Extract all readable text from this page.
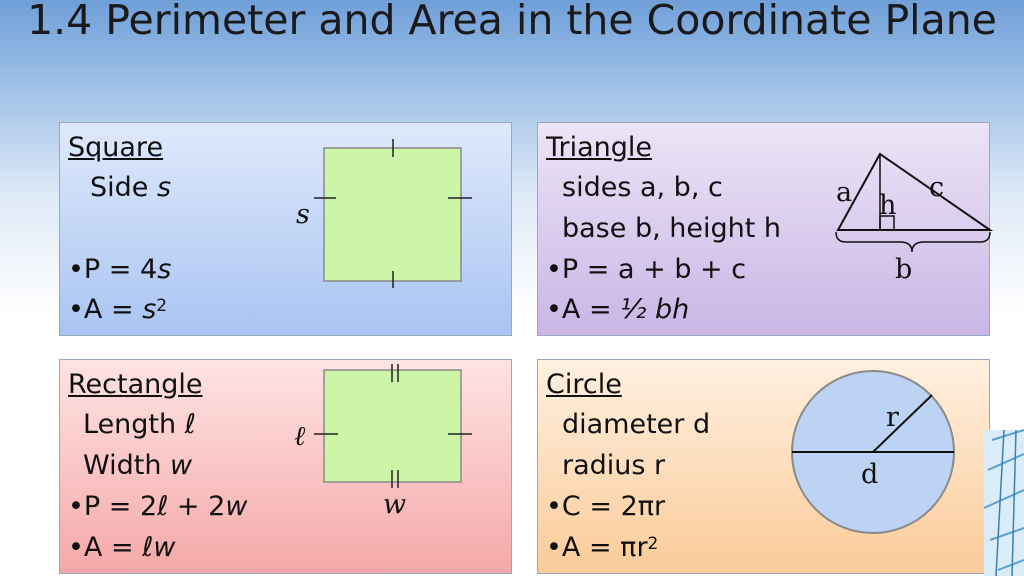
1.4 Perimeter and Area in the Coordinate Plane
Square
Side s
•P = 4s
•A = $s^2$
s
Triangle
sides a, b, c
base b, height h
•P = a + b + c
•A = ½ bh
a h
c
b
Rectangle
Length ℓ
Width w
•P = 2ℓ + 2w
•A = ℓw
ℓ
w
Circle
diameter d
radius r
•C = 2πr
•A = $\pi r^2$
r
d
